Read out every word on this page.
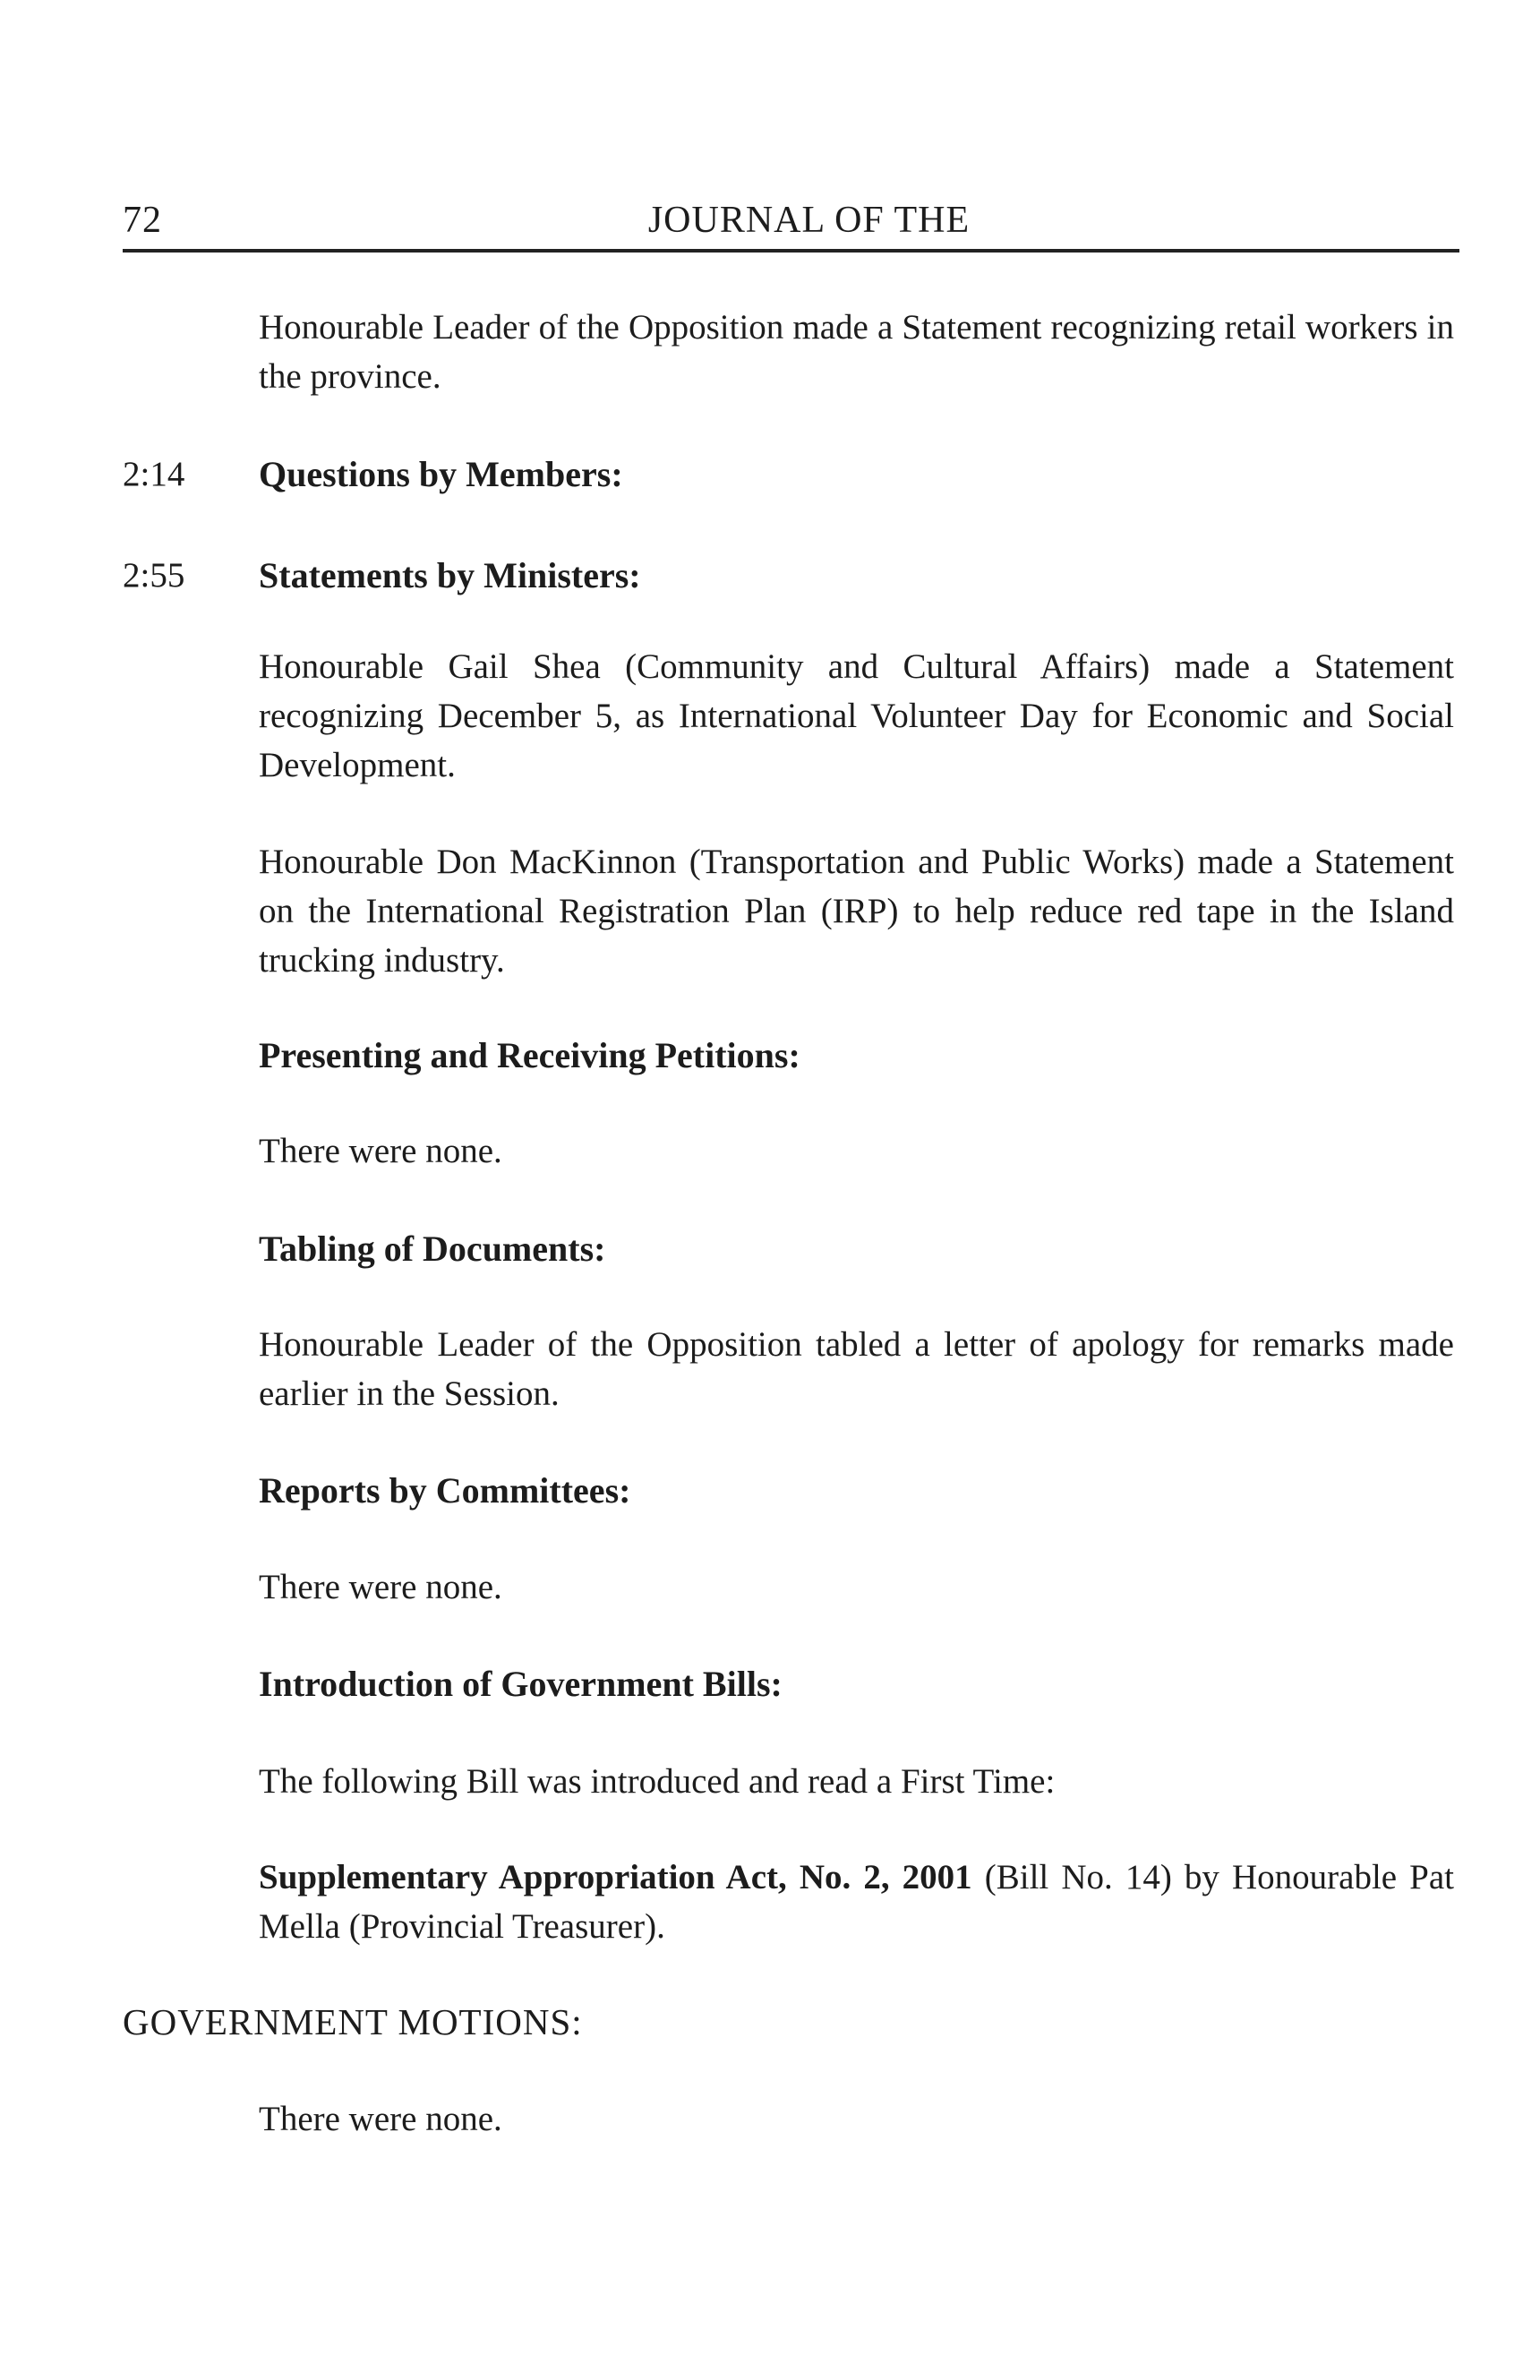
72	JOURNAL OF THE

Honourable Leader of the Opposition made a Statement recognizing retail workers in the province.

2:14 Questions by Members:
2:55 Statements by Ministers:

Honourable Gail Shea (Community and Cultural Affairs) made a Statement recognizing December 5, as International Volunteer Day for Economic and Social Development.

Honourable Don MacKinnon (Transportation and Public Works) made a Statement on the International Registration Plan (IRP) to help reduce red tape in the Island trucking industry.

Presenting and Receiving Petitions:

There were none.

Tabling of Documents:

Honourable Leader of the Opposition tabled a letter of apology for remarks made earlier in the Session.

Reports by Committees:

There were none.

Introduction of Government Bills:

The following Bill was introduced and read a First Time:

Supplementary Appropriation Act, No. 2, 2001 (Bill No. 14) by Honourable Pat Mella (Provincial Treasurer).

GOVERNMENT MOTIONS:

There were none.
